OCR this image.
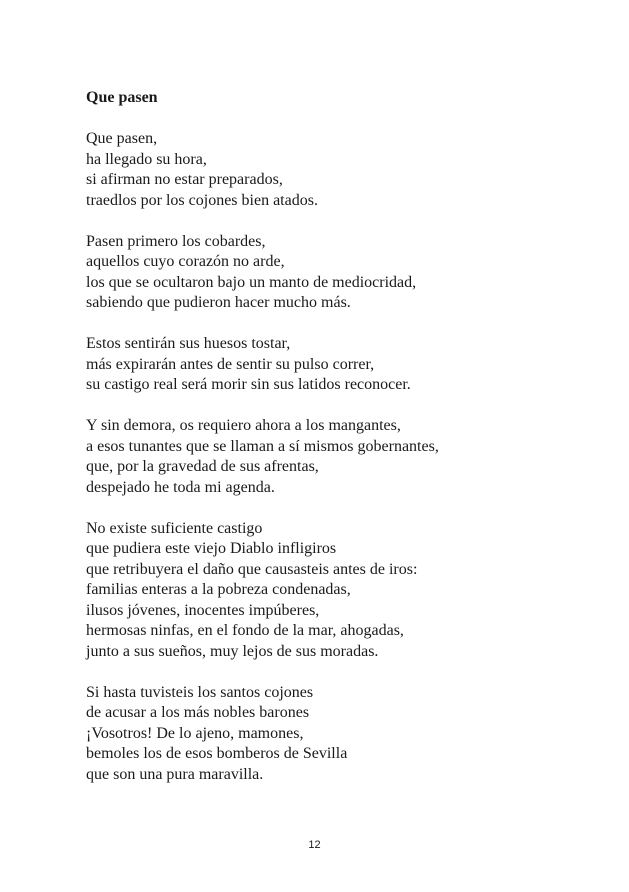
Que pasen
Que pasen,
ha llegado su hora,
si afirman no estar preparados,
traedlos por los cojones bien atados.
Pasen primero los cobardes,
aquellos cuyo corazón no arde,
los que se ocultaron bajo un manto de mediocridad,
sabiendo que pudieron hacer mucho más.
Estos sentirán sus huesos tostar,
más expirarán antes de sentir su pulso correr,
su castigo real será morir sin sus latidos reconocer.
Y sin demora, os requiero ahora a los mangantes,
a esos tunantes que se llaman a sí mismos gobernantes,
que, por la gravedad de sus afrentas,
despejado he toda mi agenda.
No existe suficiente castigo
que pudiera este viejo Diablo infligiros
que retribuyera el daño que causasteis antes de iros:
familias enteras a la pobreza condenadas,
ilusos jóvenes, inocentes impúberes,
hermosas ninfas, en el fondo de la mar, ahogadas,
junto a sus sueños, muy lejos de sus moradas.
Si hasta tuvisteis los santos cojones
de acusar a los más nobles barones
¡Vosotros! De lo ajeno, mamones,
bemoles los de esos bomberos de Sevilla
que son una pura maravilla.
12
